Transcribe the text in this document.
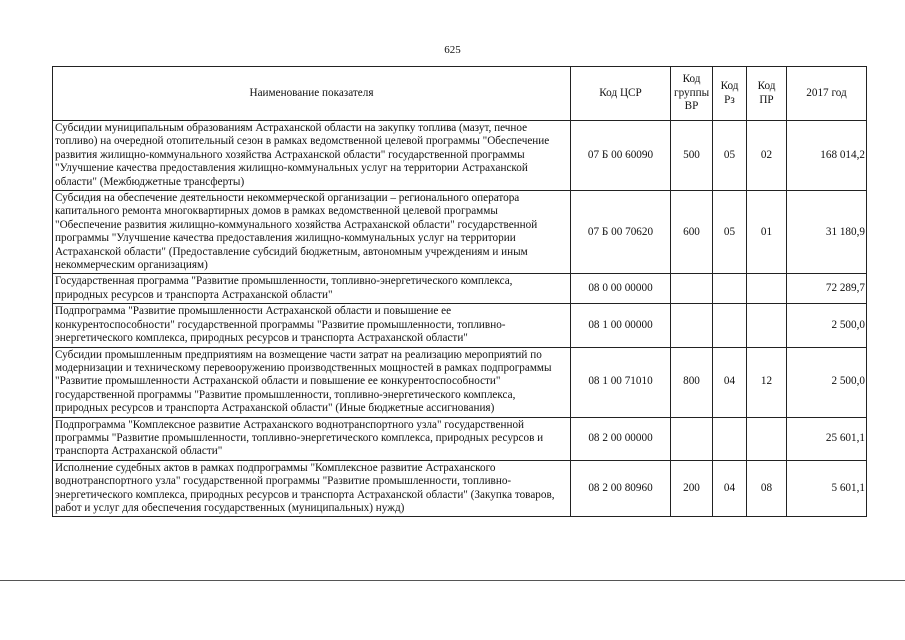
625
Наименование показателя	Код ЦСР	Код группы ВР	Код Рз	Код ПР	2017 год
Субсидии муниципальным образованиям Астраханской области на закупку топлива (мазут, печное топливо) на очередной отопительный сезон в рамках ведомственной целевой программы "Обеспечение развития жилищно-коммунального хозяйства Астраханской области" государственной программы "Улучшение качества предоставления жилищно-коммунальных услуг на территории Астраханской области" (Межбюджетные трансферты)	07 Б 00 60090	500	05	02	168 014,2
Субсидия на обеспечение деятельности некоммерческой организации – регионального оператора капитального ремонта многоквартирных домов в рамках ведомственной целевой программы "Обеспечение развития жилищно-коммунального хозяйства Астраханской области" государственной программы "Улучшение качества предоставления жилищно-коммунальных услуг на территории Астраханской области" (Предоставление субсидий бюджетным, автономным учреждениям и иным некоммерческим организациям)	07 Б 00 70620	600	05	01	31 180,9
Государственная программа "Развитие промышленности, топливно-энергетического комплекса, природных ресурсов и транспорта Астраханской области"	08 0 00 00000				72 289,7
Подпрограмма "Развитие промышленности Астраханской области и повышение ее конкурентоспособности" государственной программы "Развитие промышленности, топливно-энергетического комплекса, природных ресурсов и транспорта Астраханской области"	08 1 00 00000				2 500,0
Субсидии промышленным предприятиям на возмещение части затрат на реализацию мероприятий по модернизации и техническому перевооружению производственных мощностей в рамках подпрограммы "Развитие промышленности Астраханской области и повышение ее конкурентоспособности" государственной программы "Развитие промышленности, топливно-энергетического комплекса, природных ресурсов и транспорта Астраханской области" (Иные бюджетные ассигнования)	08 1 00 71010	800	04	12	2 500,0
Подпрограмма "Комплексное развитие Астраханского воднотранспортного узла" государственной программы "Развитие промышленности, топливно-энергетического комплекса, природных ресурсов и транспорта Астраханской области"	08 2 00 00000				25 601,1
Исполнение судебных актов в рамках подпрограммы "Комплексное развитие Астраханского воднотранспортного узла" государственной программы "Развитие промышленности, топливно-энергетического комплекса, природных ресурсов и транспорта Астраханской области" (Закупка товаров, работ и услуг для обеспечения государственных (муниципальных) нужд)	08 2 00 80960	200	04	08	5 601,1
